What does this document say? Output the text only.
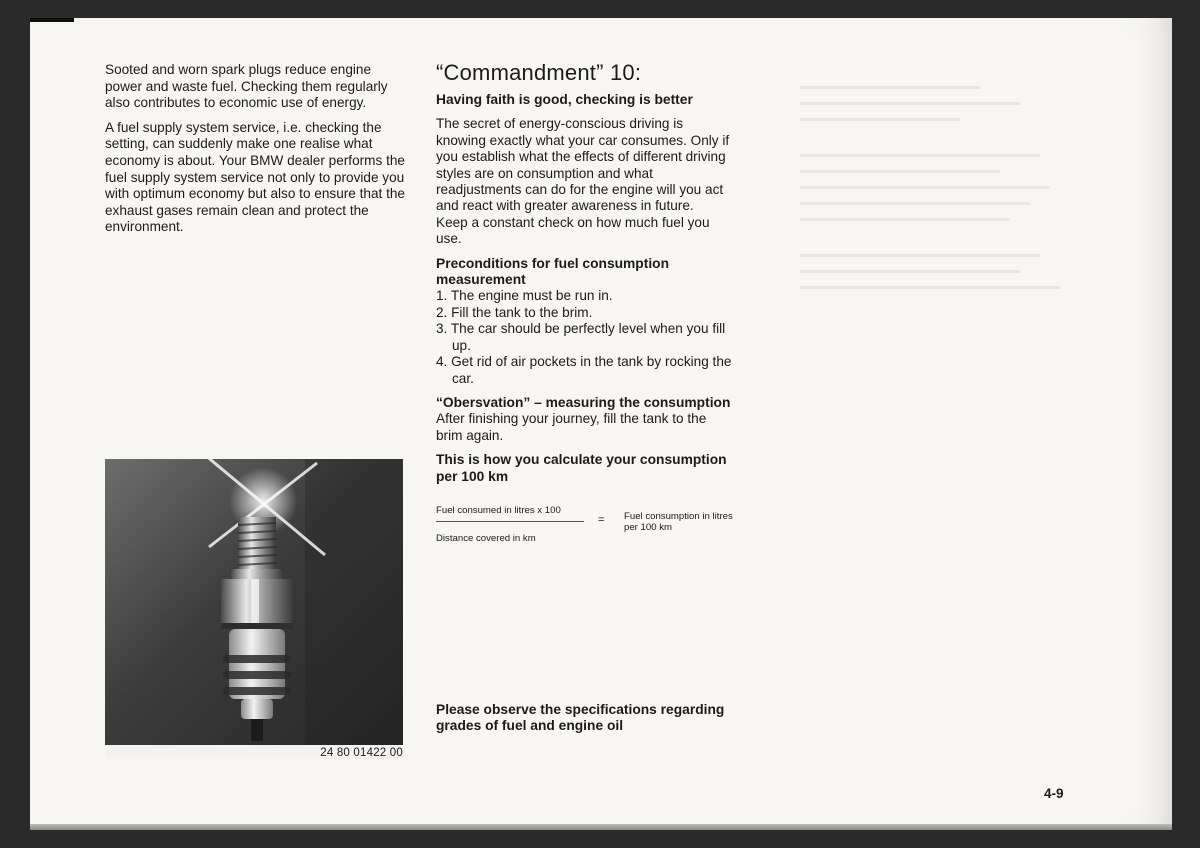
Sooted and worn spark plugs reduce engine power and waste fuel. Checking them regularly also contributes to economic use of energy.

A fuel supply system service, i.e. checking the setting, can suddenly make one realise what economy is about. Your BMW dealer performs the fuel supply system service not only to provide you with optimum economy but also to ensure that the exhaust gases remain clean and protect the environment.

24 80 01422 00
“Commandment” 10:
Having faith is good, checking is better

The secret of energy-conscious driving is knowing exactly what your car consumes. Only if you establish what the effects of different driving styles are on consumption and what readjustments can do for the engine will you act and react with greater awareness in future.

Keep a constant check on how much fuel you use.

Preconditions for fuel consumption measurement
1. The engine must be run in.
2. Fill the tank to the brim.
3. The car should be perfectly level when you fill up.
4. Get rid of air pockets in the tank by rocking the car.
“Obersvation” – measuring the consumption

After finishing your journey, fill the tank to the brim again.

This is how you calculate your consumption per 100 km
Fuel consumed in litres x 100
=
Distance covered in km
Fuel consumption in litres per 100 km
Please observe the specifications regarding grades of fuel and engine oil
4-9
